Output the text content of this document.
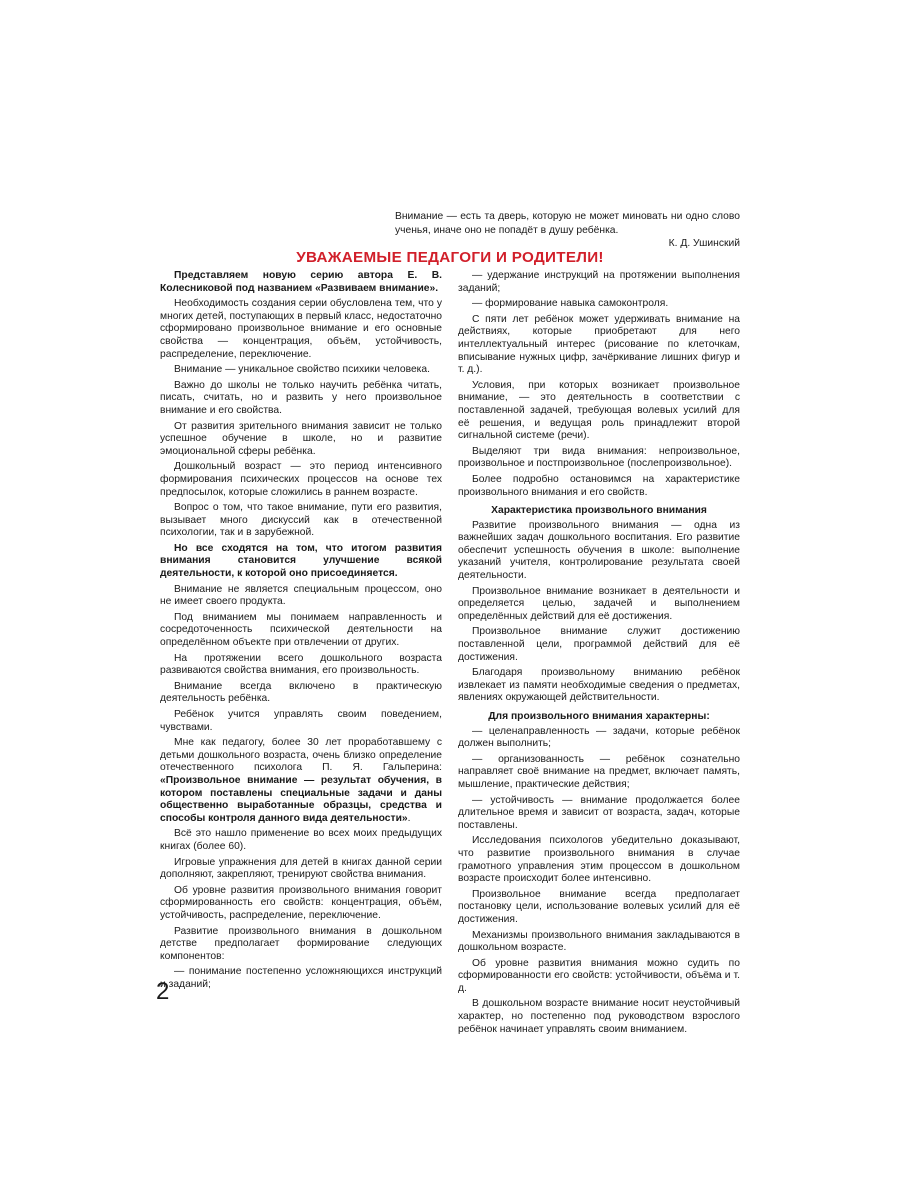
Внимание — есть та дверь, которую не может миновать ни одно слово ученья, иначе оно не попадёт в душу ребёнка.
К. Д. Ушинский
УВАЖАЕМЫЕ ПЕДАГОГИ И РОДИТЕЛИ!

Представляем новую серию автора Е. В. Колесниковой под названием «Развиваем внимание».

Необходимость создания серии обусловлена тем, что у многих детей, поступающих в первый класс, недостаточно сформировано произвольное внимание и его основные свойства — концентрация, объём, устойчивость, распределение, переключение.

Внимание — уникальное свойство психики человека.

Важно до школы не только научить ребёнка читать, писать, считать, но и развить у него произвольное внимание и его свойства.

От развития зрительного внимания зависит не только успешное обучение в школе, но и развитие эмоциональной сферы ребёнка.

Дошкольный возраст — это период интенсивного формирования психических процессов на основе тех предпосылок, которые сложились в раннем возрасте.

Вопрос о том, что такое внимание, пути его развития, вызывает много дискуссий как в отечественной психологии, так и в зарубежной.

Но все сходятся на том, что итогом развития внимания становится улучшение всякой деятельности, к которой оно присоединяется.

Внимание не является специальным процессом, оно не имеет своего продукта.

Под вниманием мы понимаем направленность и сосредоточенность психической деятельности на определённом объекте при отвлечении от других.

На протяжении всего дошкольного возраста развиваются свойства внимания, его произвольность.

Внимание всегда включено в практическую деятельность ребёнка.

Ребёнок учится управлять своим поведением, чувствами.

Мне как педагогу, более 30 лет проработавшему с детьми дошкольного возраста, очень близко определение отечественного психолога П. Я. Гальперина: «Произвольное внимание — результат обучения, в котором поставлены специальные задачи и даны общественно выработанные образцы, средства и способы контроля данного вида деятельности».

Всё это нашло применение во всех моих предыдущих книгах (более 60).

Игровые упражнения для детей в книгах данной серии дополняют, закрепляют, тренируют свойства внимания.

Об уровне развития произвольного внимания говорит сформированность его свойств: концентрация, объём, устойчивость, распределение, переключение.

Развитие произвольного внимания в дошкольном детстве предполагает формирование следующих компонентов:

— понимание постепенно усложняющихся инструкций и заданий;

— удержание инструкций на протяжении выполнения заданий;

— формирование навыка самоконтроля.

С пяти лет ребёнок может удерживать внимание на действиях, которые приобретают для него интеллектуальный интерес (рисование по клеточкам, вписывание нужных цифр, зачёркивание лишних фигур и т. д.).

Условия, при которых возникает произвольное внимание, — это деятельность в соответствии с поставленной задачей, требующая волевых усилий для её решения, и ведущая роль принадлежит второй сигнальной системе (речи).

Выделяют три вида внимания: непроизвольное, произвольное и постпроизвольное (послепроизвольное).

Более подробно остановимся на характеристике произвольного внимания и его свойств.

Характеристика произвольного внимания

Развитие произвольного внимания — одна из важнейших задач дошкольного воспитания. Его развитие обеспечит успешность обучения в школе: выполнение указаний учителя, контролирование результата своей деятельности.

Произвольное внимание возникает в деятельности и определяется целью, задачей и выполнением определённых действий для её достижения.

Произвольное внимание служит достижению поставленной цели, программой действий для её достижения.

Благодаря произвольному вниманию ребёнок извлекает из памяти необходимые сведения о предметах, явлениях окружающей действительности.

Для произвольного внимания характерны:

— целенаправленность — задачи, которые ребёнок должен выполнить;

— организованность — ребёнок сознательно направляет своё внимание на предмет, включает память, мышление, практические действия;

— устойчивость — внимание продолжается более длительное время и зависит от возраста, задач, которые поставлены.

Исследования психологов убедительно доказывают, что развитие произвольного внимания в случае грамотного управления этим процессом в дошкольном возрасте происходит более интенсивно.

Произвольное внимание всегда предполагает постановку цели, использование волевых усилий для её достижения.

Механизмы произвольного внимания закладываются в дошкольном возрасте.

Об уровне развития внимания можно судить по сформированности его свойств: устойчивости, объёма и т. д.

В дошкольном возрасте внимание носит неустойчивый характер, но постепенно под руководством взрослого ребёнок начинает управлять своим вниманием.

2
